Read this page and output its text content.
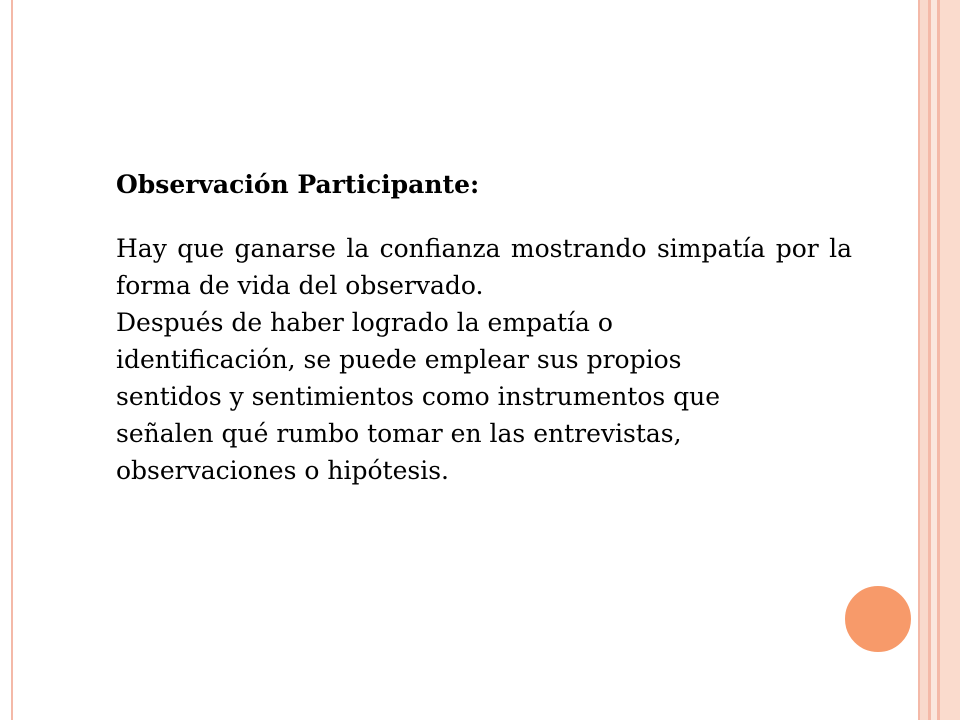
Observación Participante:

Hay que ganarse la confianza mostrando simpatía por la forma de vida del observado.

Después de haber logrado la empatía o

identificación, se puede emplear sus propios

sentidos y sentimientos como instrumentos que

señalen qué rumbo tomar en las entrevistas,

observaciones o hipótesis.
